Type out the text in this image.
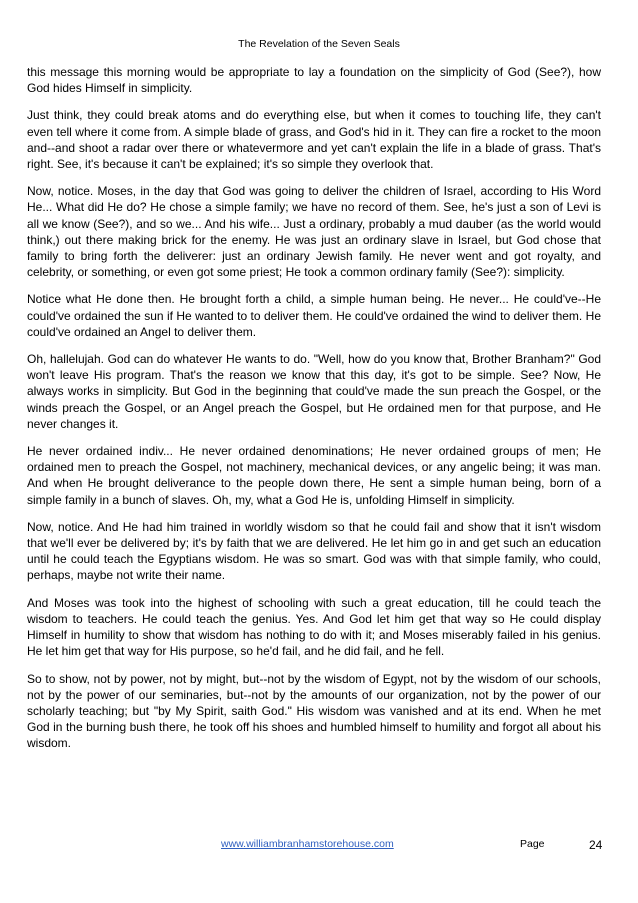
The Revelation of the Seven Seals

this message this morning would be appropriate to lay a foundation on the simplicity of God (See?), how God hides Himself in simplicity.

Just think, they could break atoms and do everything else, but when it comes to touching life, they can't even tell where it come from. A simple blade of grass, and God's hid in it. They can fire a rocket to the moon and--and shoot a radar over there or whatevermore and yet can't explain the life in a blade of grass. That's right. See, it's because it can't be explained; it's so simple they overlook that.

Now, notice. Moses, in the day that God was going to deliver the children of Israel, according to His Word He... What did He do? He chose a simple family; we have no record of them. See, he's just a son of Levi is all we know (See?), and so we... And his wife... Just a ordinary, probably a mud dauber (as the world would think,) out there making brick for the enemy. He was just an ordinary slave in Israel, but God chose that family to bring forth the deliverer: just an ordinary Jewish family. He never went and got royalty, and celebrity, or something, or even got some priest; He took a common ordinary family (See?): simplicity.

Notice what He done then. He brought forth a child, a simple human being. He never... He could've--He could've ordained the sun if He wanted to to deliver them. He could've ordained the wind to deliver them. He could've ordained an Angel to deliver them.

Oh, hallelujah. God can do whatever He wants to do. "Well, how do you know that, Brother Branham?" God won't leave His program. That's the reason we know that this day, it's got to be simple. See? Now, He always works in simplicity. But God in the beginning that could've made the sun preach the Gospel, or the winds preach the Gospel, or an Angel preach the Gospel, but He ordained men for that purpose, and He never changes it.

He never ordained indiv... He never ordained denominations; He never ordained groups of men; He ordained men to preach the Gospel, not machinery, mechanical devices, or any angelic being; it was man. And when He brought deliverance to the people down there, He sent a simple human being, born of a simple family in a bunch of slaves. Oh, my, what a God He is, unfolding Himself in simplicity.

Now, notice. And He had him trained in worldly wisdom so that he could fail and show that it isn't wisdom that we'll ever be delivered by; it's by faith that we are delivered. He let him go in and get such an education until he could teach the Egyptians wisdom. He was so smart. God was with that simple family, who could, perhaps, maybe not write their name.

And Moses was took into the highest of schooling with such a great education, till he could teach the wisdom to teachers. He could teach the genius. Yes. And God let him get that way so He could display Himself in humility to show that wisdom has nothing to do with it; and Moses miserably failed in his genius. He let him get that way for His purpose, so he'd fail, and he did fail, and he fell.

So to show, not by power, not by might, but--not by the wisdom of Egypt, not by the wisdom of our schools, not by the power of our seminaries, but--not by the amounts of our organization, not by the power of our scholarly teaching; but "by My Spirit, saith God." His wisdom was vanished and at its end. When he met God in the burning bush there, he took off his shoes and humbled himself to humility and forgot all about his wisdom.

www.williambranhamstorehouse.com	Page	24
